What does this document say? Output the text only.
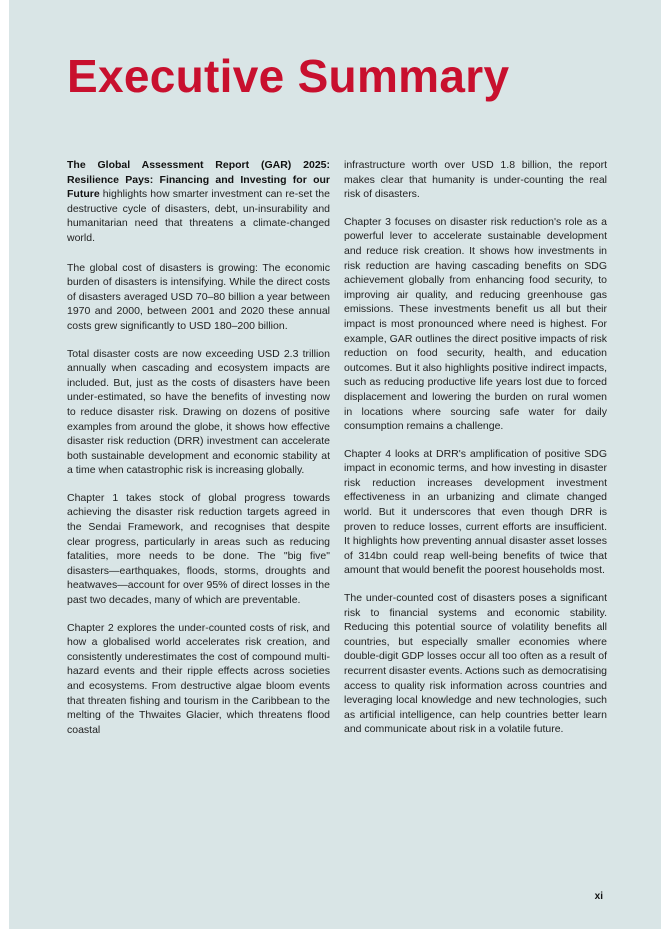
Executive Summary

The Global Assessment Report (GAR) 2025: Resilience Pays: Financing and Investing for our Future highlights how smarter investment can re-set the destructive cycle of disasters, debt, un-insurability and humanitarian need that threatens a climate-changed world.

The global cost of disasters is growing: The economic burden of disasters is intensifying. While the direct costs of disasters averaged USD 70–80 billion a year between 1970 and 2000, between 2001 and 2020 these annual costs grew significantly to USD 180–200 billion.

Total disaster costs are now exceeding USD 2.3 trillion annually when cascading and ecosystem impacts are included. But, just as the costs of disasters have been under-estimated, so have the benefits of investing now to reduce disaster risk. Drawing on dozens of positive examples from around the globe, it shows how effective disaster risk reduction (DRR) investment can accelerate both sustainable development and economic stability at a time when catastrophic risk is increasing globally.

Chapter 1 takes stock of global progress towards achieving the disaster risk reduction targets agreed in the Sendai Framework, and recognises that despite clear progress, particularly in areas such as reducing fatalities, more needs to be done. The "big five" disasters—earthquakes, floods, storms, droughts and heatwaves—account for over 95% of direct losses in the past two decades, many of which are preventable.

Chapter 2 explores the under-counted costs of risk, and how a globalised world accelerates risk creation, and consistently underestimates the cost of compound multi-hazard events and their ripple effects across societies and ecosystems. From destructive algae bloom events that threaten fishing and tourism in the Caribbean to the melting of the Thwaites Glacier, which threatens flood coastal

infrastructure worth over USD 1.8 billion, the report makes clear that humanity is under-counting the real risk of disasters.

Chapter 3 focuses on disaster risk reduction's role as a powerful lever to accelerate sustainable development and reduce risk creation. It shows how investments in risk reduction are having cascading benefits on SDG achievement globally from enhancing food security, to improving air quality, and reducing greenhouse gas emissions. These investments benefit us all but their impact is most pronounced where need is highest. For example, GAR outlines the direct positive impacts of risk reduction on food security, health, and education outcomes. But it also highlights positive indirect impacts, such as reducing productive life years lost due to forced displacement and lowering the burden on rural women in locations where sourcing safe water for daily consumption remains a challenge.

Chapter 4 looks at DRR's amplification of positive SDG impact in economic terms, and how investing in disaster risk reduction increases development investment effectiveness in an urbanizing and climate changed world. But it underscores that even though DRR is proven to reduce losses, current efforts are insufficient. It highlights how preventing annual disaster asset losses of 314bn could reap well-being benefits of twice that amount that would benefit the poorest households most.

The under-counted cost of disasters poses a significant risk to financial systems and economic stability. Reducing this potential source of volatility benefits all countries, but especially smaller economies where double-digit GDP losses occur all too often as a result of recurrent disaster events. Actions such as democratising access to quality risk information across countries and leveraging local knowledge and new technologies, such as artificial intelligence, can help countries better learn and communicate about risk in a volatile future.

xi
